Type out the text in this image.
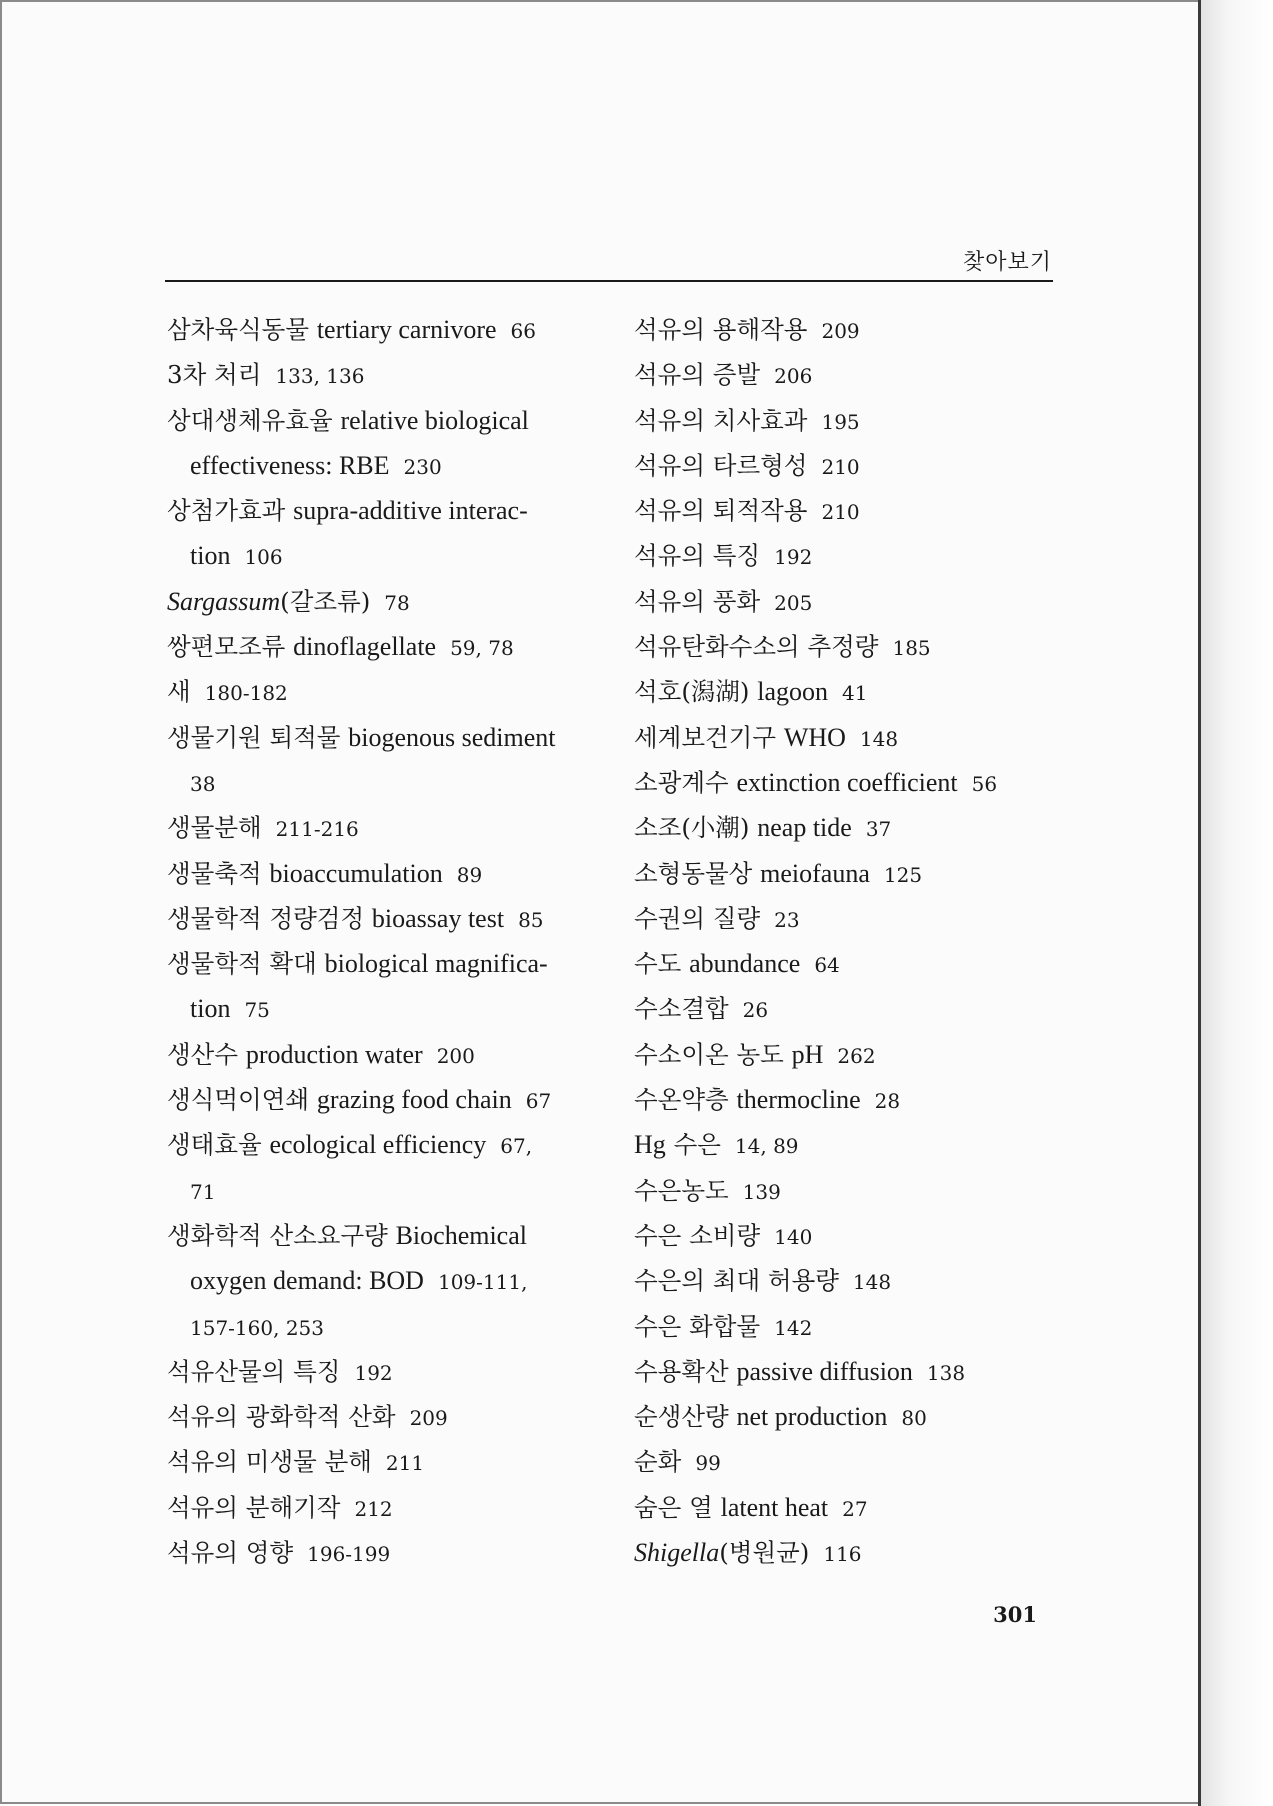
찾아보기
삼차육식동물 tertiary carnivore 66
3차 처리 133, 136
상대생체유효율 relative biological
effectiveness: RBE 230
상첨가효과 supra-additive interac-
tion 106
Sargassum(갈조류) 78
쌍편모조류 dinoflagellate 59, 78
새 180-182
생물기원 퇴적물 biogenous sediment
38
생물분해 211-216
생물축적 bioaccumulation 89
생물학적 정량검정 bioassay test 85
생물학적 확대 biological magnifica-
tion 75
생산수 production water 200
생식먹이연쇄 grazing food chain 67
생태효율 ecological efficiency 67,
71
생화학적 산소요구량 Biochemical
oxygen demand: BOD 109-111,
157-160, 253
석유산물의 특징 192
석유의 광화학적 산화 209
석유의 미생물 분해 211
석유의 분해기작 212
석유의 영향 196-199
석유의 용해작용 209
석유의 증발 206
석유의 치사효과 195
석유의 타르형성 210
석유의 퇴적작용 210
석유의 특징 192
석유의 풍화 205
석유탄화수소의 추정량 185
석호(潟湖) lagoon 41
세계보건기구 WHO 148
소광계수 extinction coefficient 56
소조(小潮) neap tide 37
소형동물상 meiofauna 125
수권의 질량 23
수도 abundance 64
수소결합 26
수소이온 농도 pH 262
수온약층 thermocline 28
Hg 수은 14, 89
수은농도 139
수은 소비량 140
수은의 최대 허용량 148
수은 화합물 142
수용확산 passive diffusion 138
순생산량 net production 80
순화 99
숨은 열 latent heat 27
Shigella(병원균) 116
301
